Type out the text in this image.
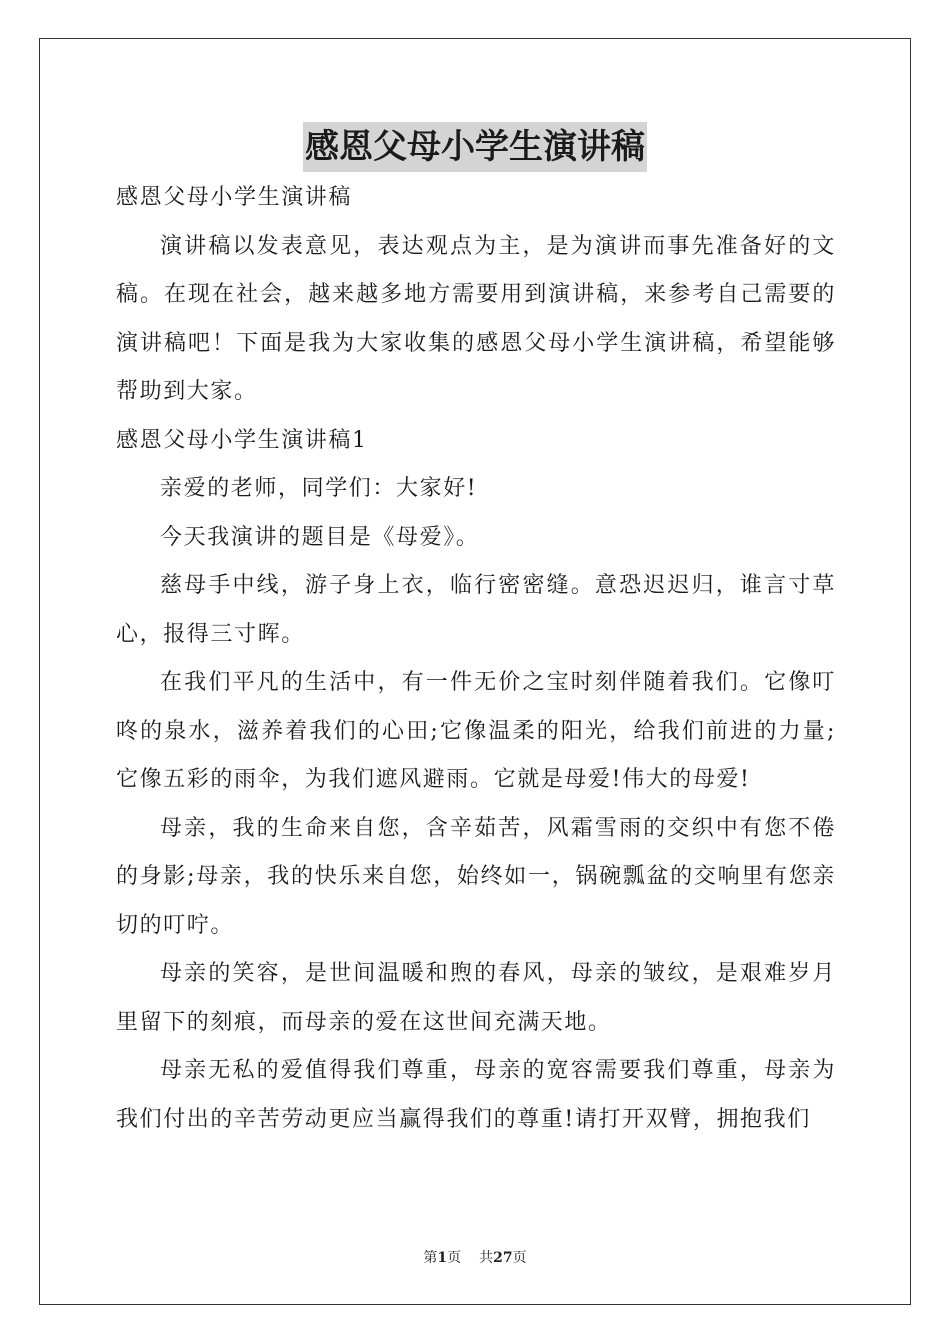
感恩父母小学生演讲稿

感恩父母小学生演讲稿

演讲稿以发表意见，表达观点为主，是为演讲而事先准备好的文稿。在现在社会，越来越多地方需要用到演讲稿，来参考自己需要的演讲稿吧！下面是我为大家收集的感恩父母小学生演讲稿，希望能够帮助到大家。

感恩父母小学生演讲稿1

亲爱的老师，同学们：大家好!

今天我演讲的题目是《母爱》。

慈母手中线，游子身上衣，临行密密缝。意恐迟迟归，谁言寸草心，报得三寸晖。

在我们平凡的生活中，有一件无价之宝时刻伴随着我们。它像叮咚的泉水，滋养着我们的心田;它像温柔的阳光，给我们前进的力量;它像五彩的雨伞，为我们遮风避雨。它就是母爱!伟大的母爱!

母亲，我的生命来自您，含辛茹苦，风霜雪雨的交织中有您不倦的身影;母亲，我的快乐来自您，始终如一，锅碗瓢盆的交响里有您亲切的叮咛。

母亲的笑容，是世间温暖和煦的春风，母亲的皱纹，是艰难岁月里留下的刻痕，而母亲的爱在这世间充满天地。

母亲无私的爱值得我们尊重，母亲的宽容需要我们尊重，母亲为我们付出的辛苦劳动更应当赢得我们的尊重!请打开双臂，拥抱我们

第1页 共27页
